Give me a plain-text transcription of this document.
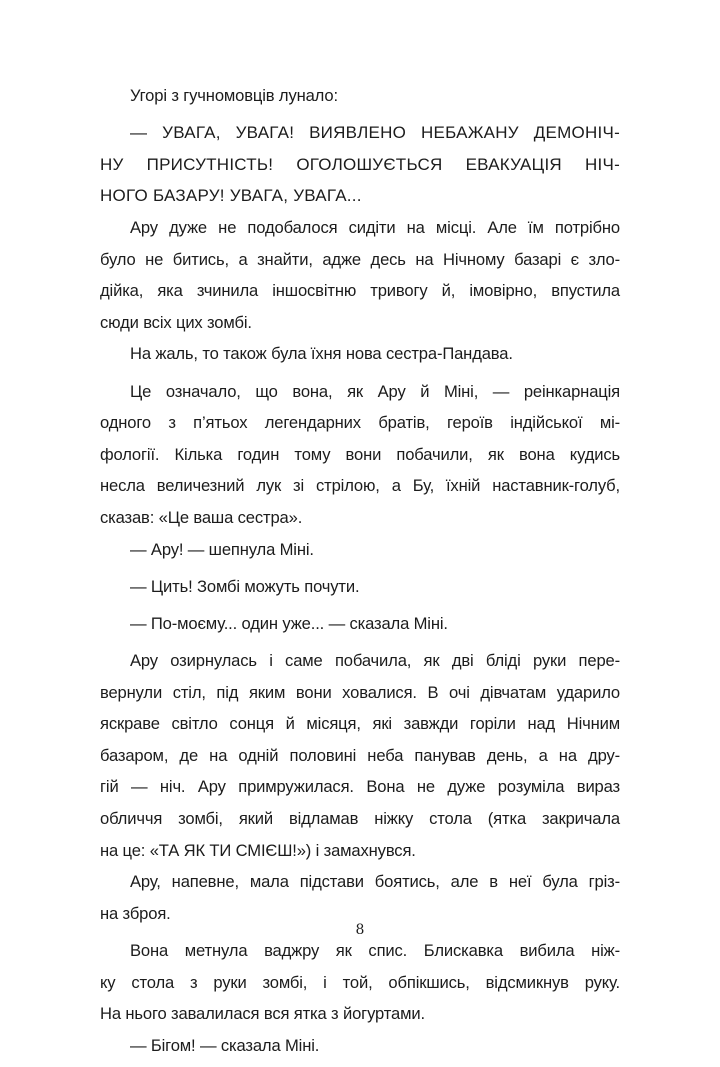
Угорі з гучномовців лунало:

— УВАГА, УВАГА! ВИЯВЛЕНО НЕБАЖАНУ ДЕМОНІЧ-
НУ ПРИСУТНІСТЬ! ОГОЛОШУЄТЬСЯ ЕВАКУАЦІЯ НІЧ-
НОГО БАЗАРУ! УВАГА, УВАГА...

Ару дуже не подобалося сидіти на місці. Але їм потрібно
було не битись, а знайти, адже десь на Нічному базарі є зло-
дійка, яка зчинила іншосвітню тривогу й, імовірно, впустила
сюди всіх цих зомбі.

На жаль, то також була їхня нова сестра-Пандава.

Це означало, що вона, як Ару й Міні, — реінкарнація
одного з п’ятьох легендарних братів, героїв індійської мі-
фології. Кілька годин тому вони побачили, як вона кудись
несла величезний лук зі стрілою, а Бу, їхній наставник-голуб,
сказав: «Це ваша сестра».

— Ару! — шепнула Міні.

— Цить! Зомбі можуть почути.

— По-моєму... один уже... — сказала Міні.

Ару озирнулась і саме побачила, як дві бліді руки пере-
вернули стіл, під яким вони ховалися. В очі дівчатам ударило
яскраве світло сонця й місяця, які завжди горіли над Нічним
базаром, де на одній половині неба панував день, а на дру-
гій — ніч. Ару примружилася. Вона не дуже розуміла вираз
обличчя зомбі, який відламав ніжку стола (ятка закричала
на це: «ТА ЯК ТИ СМІЄШ!») і замахнувся.

Ару, напевне, мала підстави боятись, але в неї була гріз-
на зброя.

Вона метнула ваджру як спис. Блискавка вибила ніж-
ку стола з руки зомбі, і той, обпікшись, відсмикнув руку.
На нього завалилася вся ятка з йогуртами.

— Бігом! — сказала Міні.

8
